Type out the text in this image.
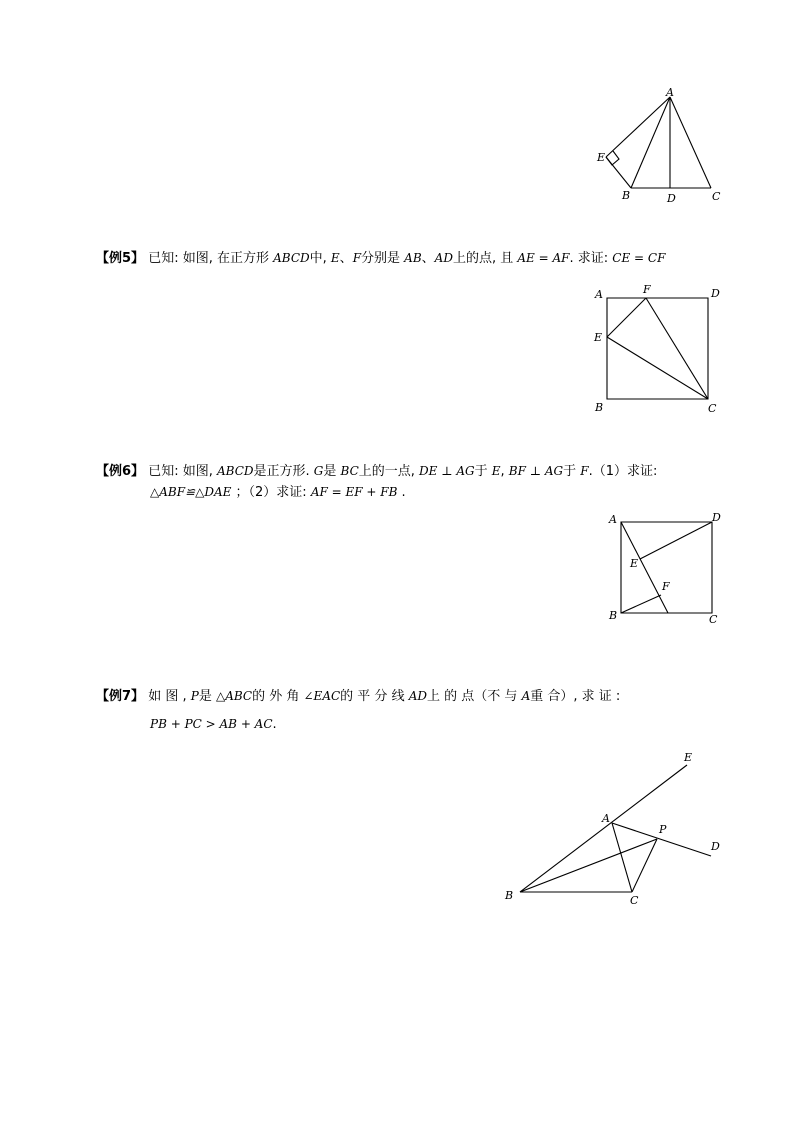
A
E
B	D	C
【例5】 已知: 如图, 在正方形 ABCD中, E、F分别是 AB、AD上的点, 且 AE = AF. 求证: CE = CF
A	F	D
E
B	C
【例6】 已知: 如图, ABCD是正方形. G是 BC上的一点, DE ⊥ AG于 E, BF ⊥ AG于 F.（1）求证:
△ABF≌△DAE ；（2）求证: AF = EF + FB .
A	D
E
F
B	C
【例7】 如 图 , P是 △ABC的 外 角 ∠EAC的 平 分 线 AD上 的 点（不 与 A重 合）, 求 证 :
PB + PC > AB + AC.
E
A
P
D
B	C
